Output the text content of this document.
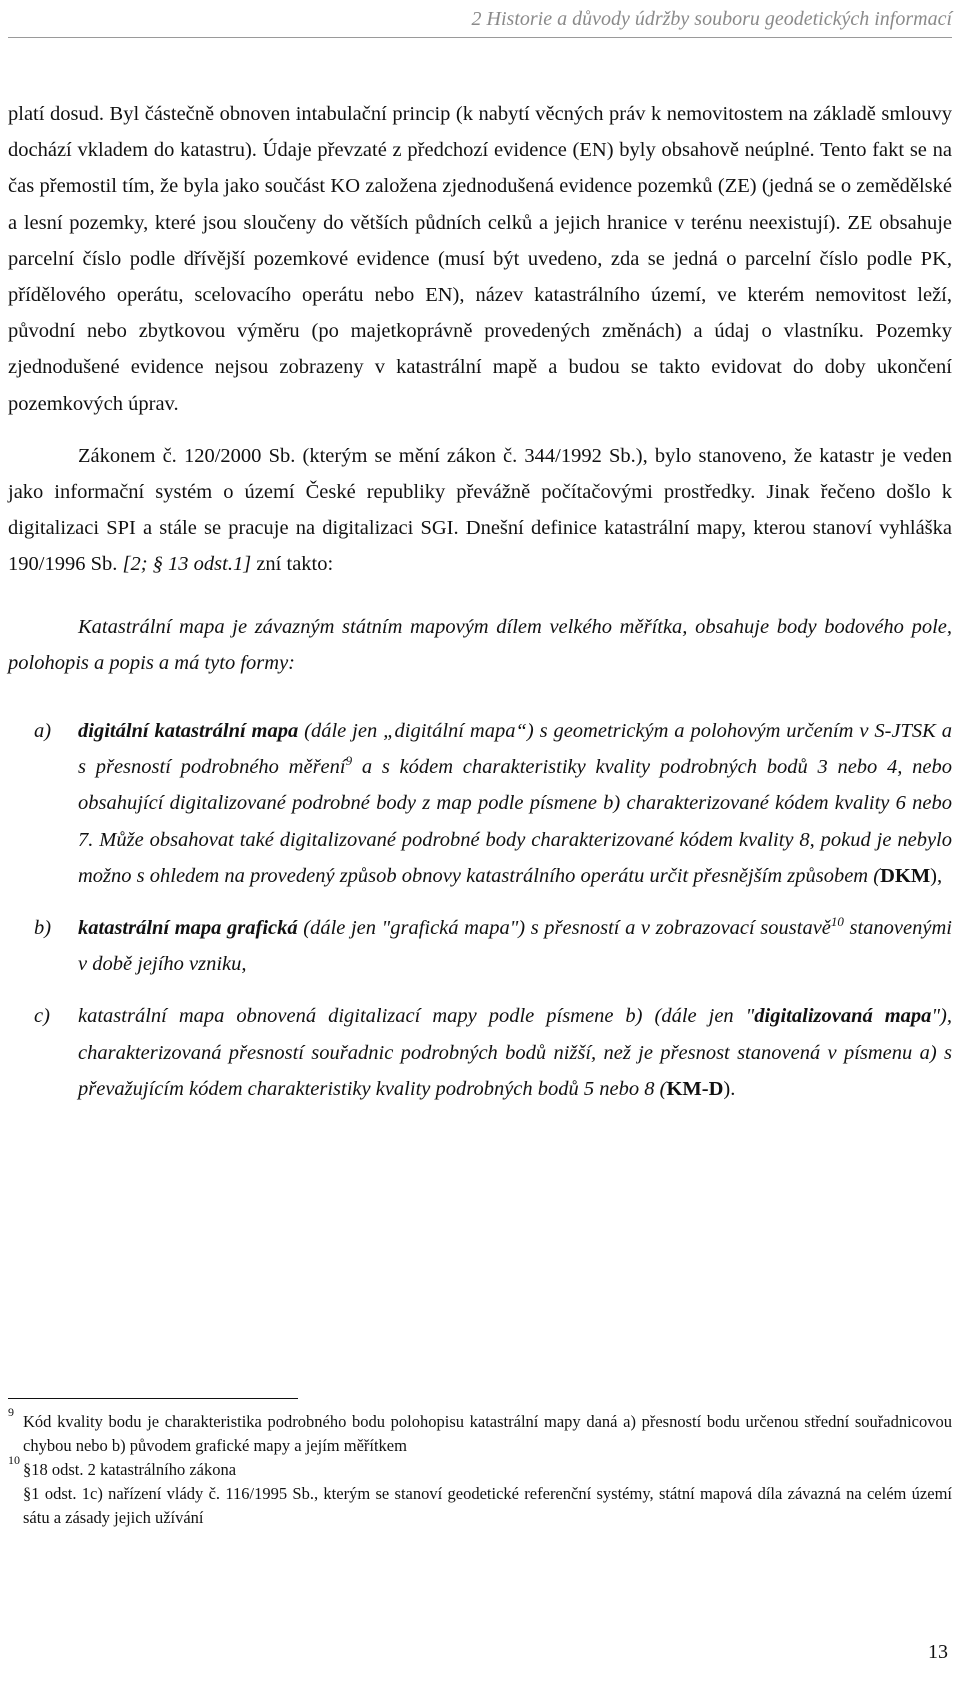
2 Historie a důvody údržby souboru geodetických informací

platí dosud. Byl částečně obnoven intabulační princip (k nabytí věcných práv k nemovitostem na základě smlouvy dochází vkladem do katastru). Údaje převzaté z předchozí evidence (EN) byly obsahově neúplné. Tento fakt se na čas přemostil tím, že byla jako součást KO založena zjednodušená evidence pozemků (ZE) (jedná se o zemědělské a lesní pozemky, které jsou sloučeny do větších půdních celků a jejich hranice v terénu neexistují). ZE obsahuje parcelní číslo podle dřívější pozemkové evidence (musí být uvedeno, zda se jedná o parcelní číslo podle PK, přídělového operátu, scelovacího operátu nebo EN), název katastrálního území, ve kterém nemovitost leží, původní nebo zbytkovou výměru (po majetkoprávně provedených změnách) a údaj o vlastníku. Pozemky zjednodušené evidence nejsou zobrazeny v katastrální mapě a budou se takto evidovat do doby ukončení pozemkových úprav.

Zákonem č. 120/2000 Sb. (kterým se mění zákon č. 344/1992 Sb.), bylo stanoveno, že katastr je veden jako informační systém o území České republiky převážně počítačovými prostředky. Jinak řečeno došlo k digitalizaci SPI a stále se pracuje na digitalizaci SGI. Dnešní definice katastrální mapy, kterou stanoví vyhláška 190/1996 Sb. [2; § 13 odst.1] zní takto:

Katastrální mapa je závazným státním mapovým dílem velkého měřítka, obsahuje body bodového pole, polohopis a popis a má tyto formy:

a) digitální katastrální mapa (dále jen „digitální mapa“) s geometrickým a polohovým určením v S-JTSK a s přesností podrobného měření$^9$ a s kódem charakteristiky kvality podrobných bodů 3 nebo 4, nebo obsahující digitalizované podrobné body z map podle písmene b) charakterizované kódem kvality 6 nebo 7. Může obsahovat také digitalizované podrobné body charakterizované kódem kvality 8, pokud je nebylo možno s ohledem na provedený způsob obnovy katastrálního operátu určit přesnějším způsobem (DKM),
b) katastrální mapa grafická (dále jen "grafická mapa") s přesností a v zobrazovací soustavě$^{10}$ stanovenými v době jejího vzniku,
c) katastrální mapa obnovená digitalizací mapy podle písmene b) (dále jen "digitalizovaná mapa"), charakterizovaná přesností souřadnic podrobných bodů nižší, než je přesnost stanovená v písmenu a) s převažujícím kódem charakteristiky kvality podrobných bodů 5 nebo 8 (KM-D).
9 Kód kvality bodu je charakteristika podrobného bodu polohopisu katastrální mapy daná a) přesností bodu určenou střední souřadnicovou chybou nebo b) původem grafické mapy a jejím měřítkem
10 §18 odst. 2 katastrálního zákona
§1 odst. 1c) nařízení vlády č. 116/1995 Sb., kterým se stanoví geodetické referenční systémy, státní mapová díla závazná na celém území sátu a zásady jejich užívání
13
